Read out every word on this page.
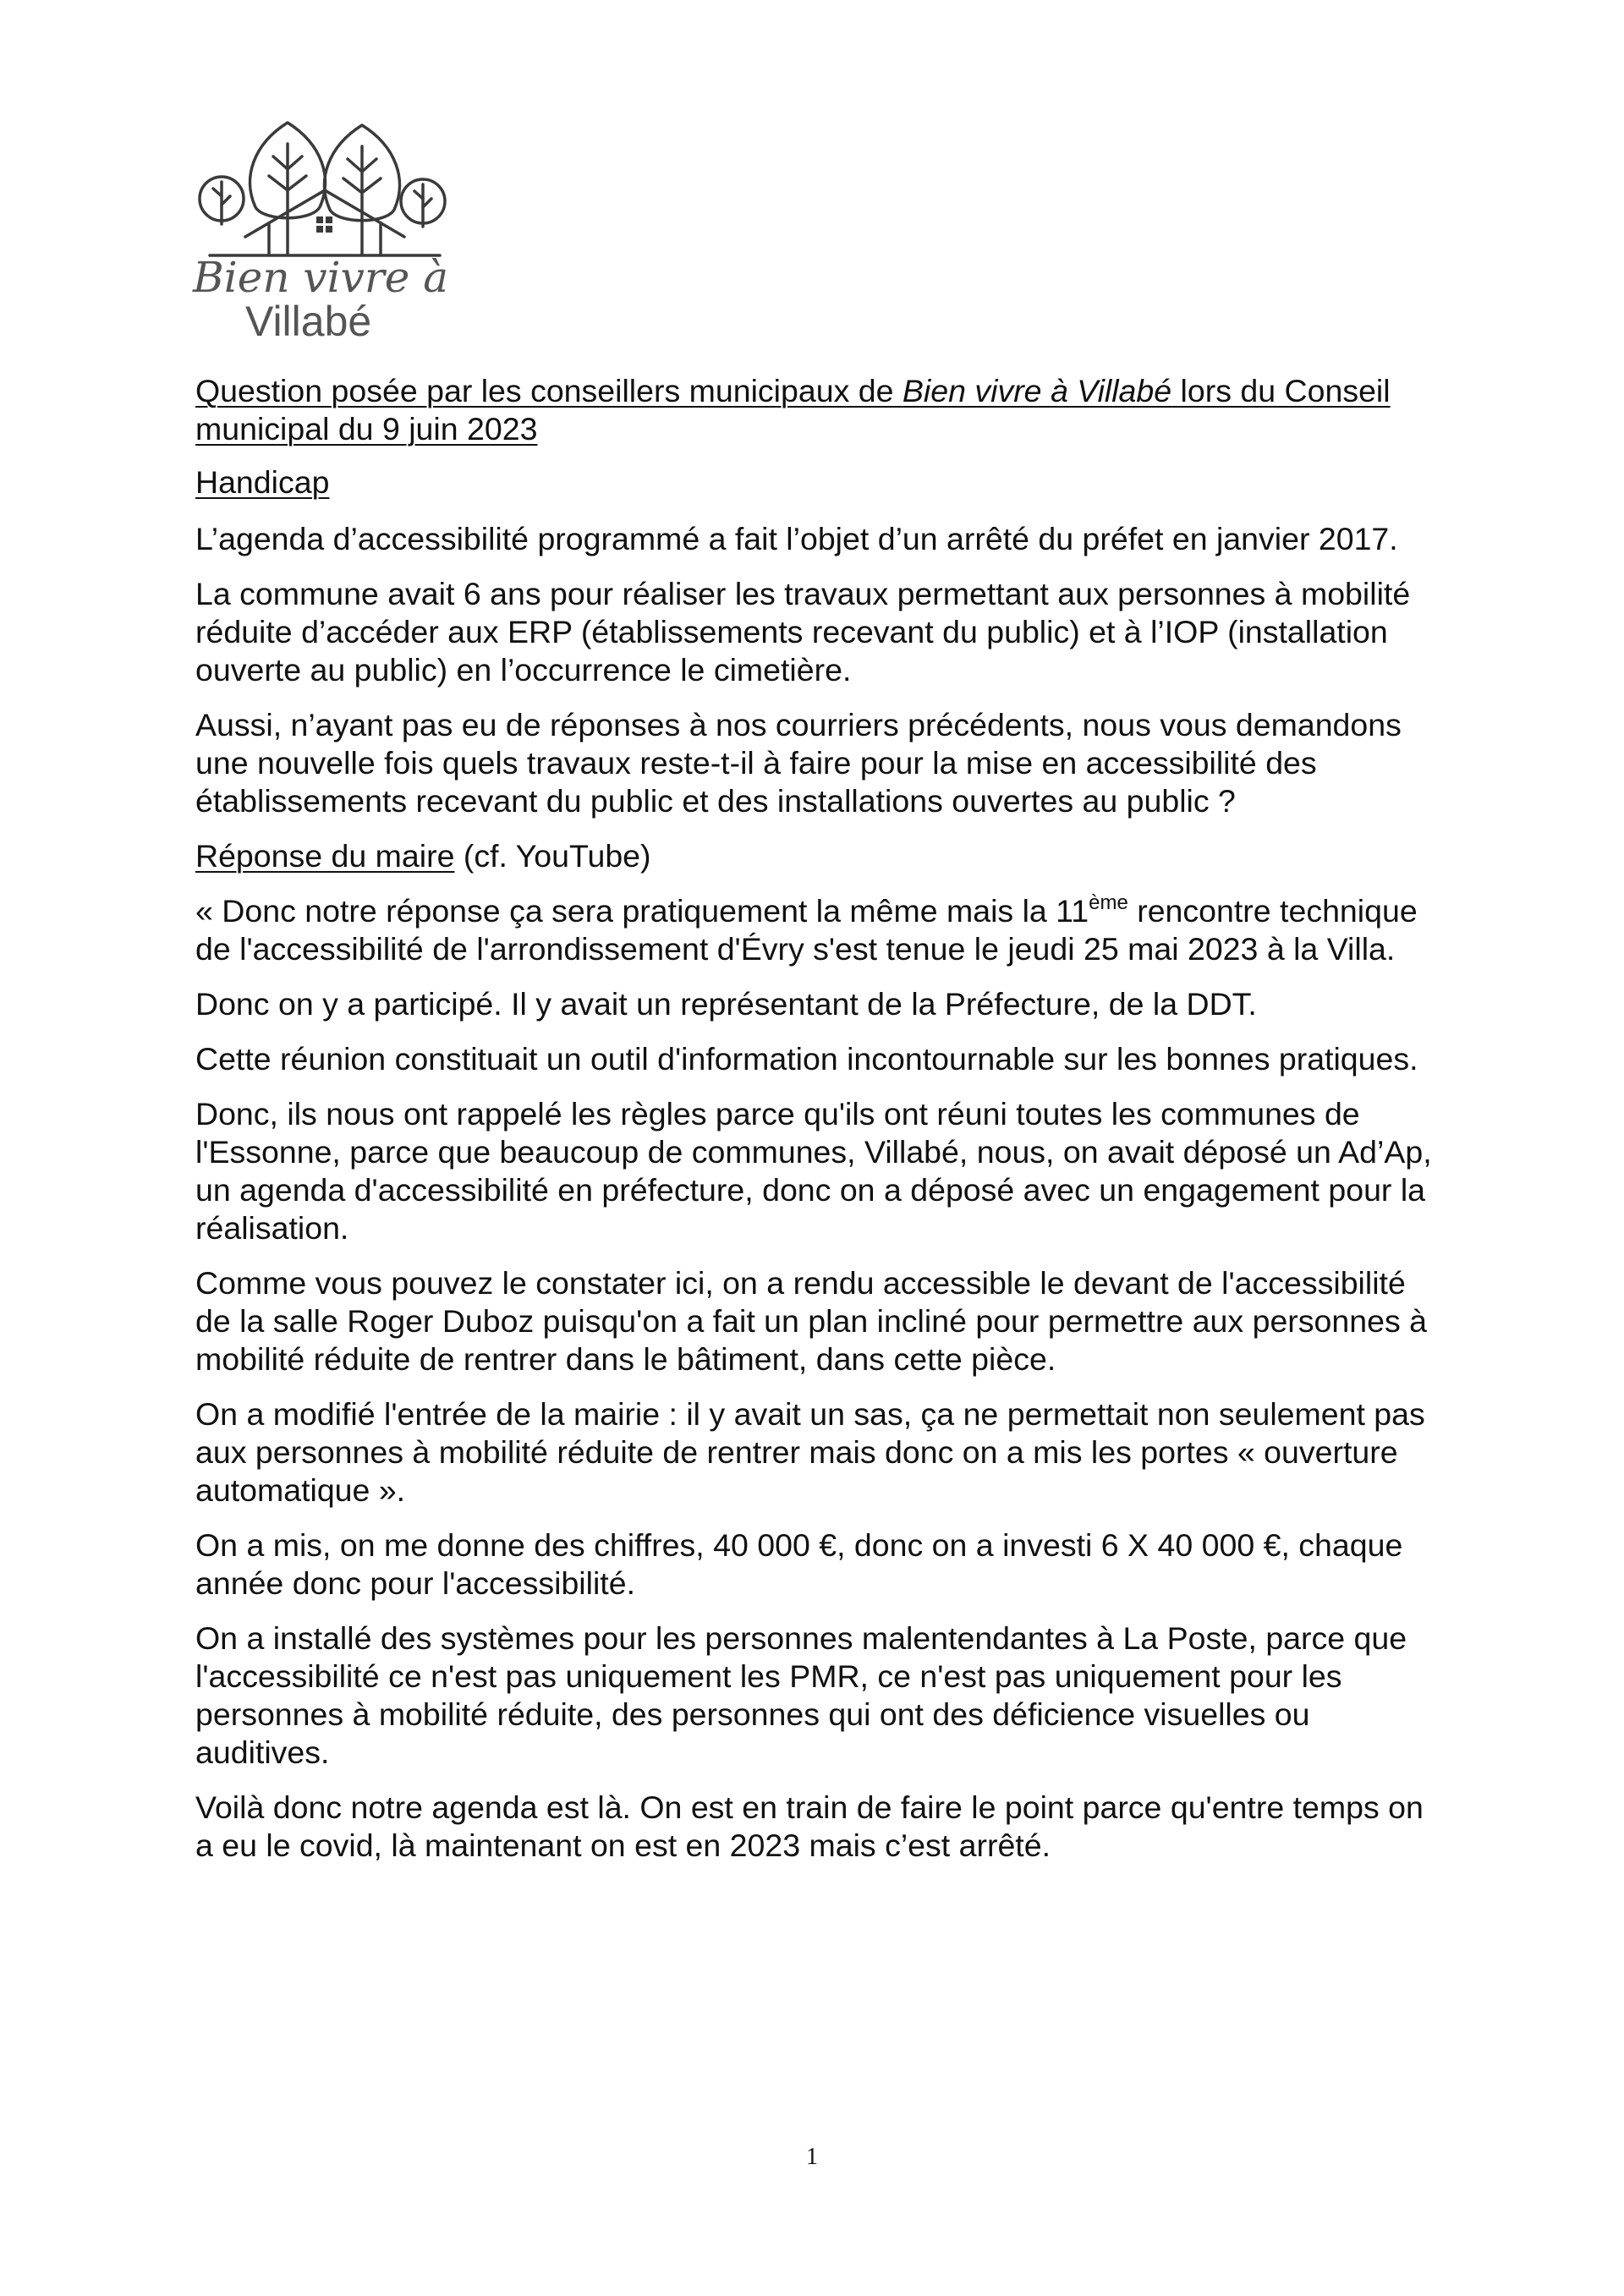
Bien vivre à
Villabé

Question posée par les conseillers municipaux de Bien vivre à Villabé lors du Conseil municipal du 9 juin 2023

Handicap

L’agenda d’accessibilité programmé a fait l’objet d’un arrêté du préfet en janvier 2017.

La commune avait 6 ans pour réaliser les travaux permettant aux personnes à mobilité réduite d’accéder aux ERP (établissements recevant du public) et à l’IOP (installation ouverte au public) en l’occurrence le cimetière.

Aussi, n’ayant pas eu de réponses à nos courriers précédents, nous vous demandons une nouvelle fois quels travaux reste-t-il à faire pour la mise en accessibilité des établissements recevant du public et des installations ouvertes au public ?

Réponse du maire (cf. YouTube)

« Donc notre réponse ça sera pratiquement la même mais la 11ème rencontre technique de l'accessibilité de l'arrondissement d'Évry s'est tenue le jeudi 25 mai 2023 à la Villa.

Donc on y a participé. Il y avait un représentant de la Préfecture, de la DDT.

Cette réunion constituait un outil d'information incontournable sur les bonnes pratiques.

Donc, ils nous ont rappelé les règles parce qu'ils ont réuni toutes les communes de l'Essonne, parce que beaucoup de communes, Villabé, nous, on avait déposé un Ad’Ap, un agenda d'accessibilité en préfecture, donc on a déposé avec un engagement pour la réalisation.

Comme vous pouvez le constater ici, on a rendu accessible le devant de l'accessibilité de la salle Roger Duboz puisqu'on a fait un plan incliné pour permettre aux personnes à mobilité réduite de rentrer dans le bâtiment, dans cette pièce.

On a modifié l'entrée de la mairie : il y avait un sas, ça ne permettait non seulement pas aux personnes à mobilité réduite de rentrer mais donc on a mis les portes « ouverture automatique ».

On a mis, on me donne des chiffres, 40 000 €, donc on a investi 6 X 40 000 €, chaque année donc pour l'accessibilité.

On a installé des systèmes pour les personnes malentendantes à La Poste, parce que l'accessibilité ce n'est pas uniquement les PMR, ce n'est pas uniquement pour les personnes à mobilité réduite, des personnes qui ont des déficience visuelles ou auditives.

Voilà donc notre agenda est là. On est en train de faire le point parce qu'entre temps on a eu le covid, là maintenant on est en 2023 mais c’est arrêté.

1
